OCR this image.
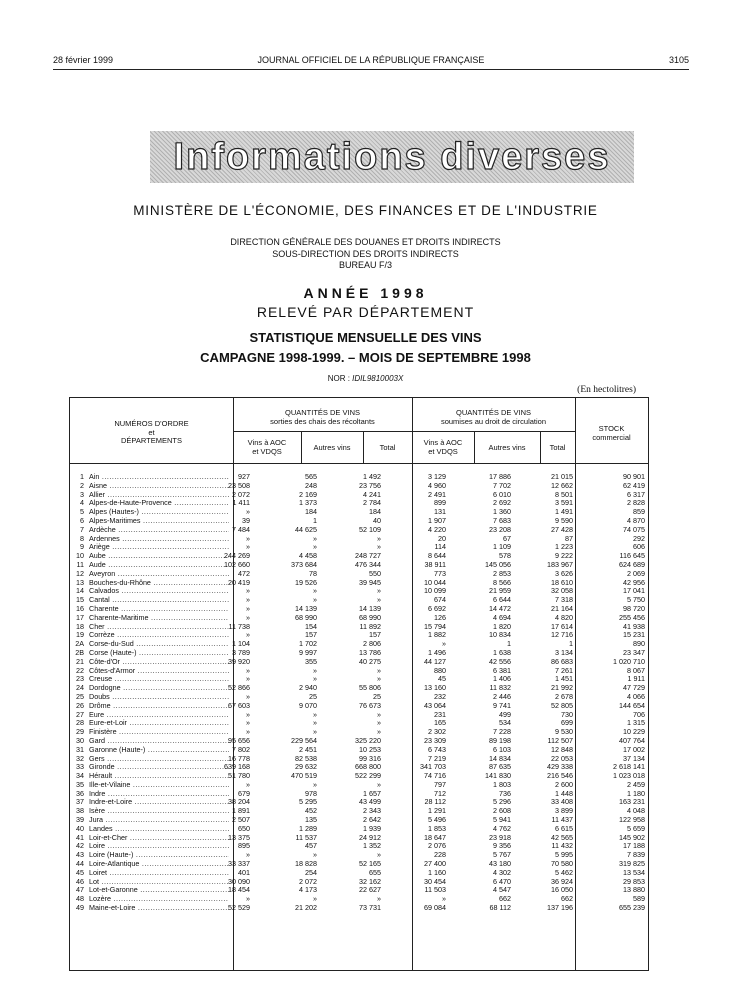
28 février 1999	JOURNAL OFFICIEL DE LA RÉPUBLIQUE FRANÇAISE	3105
Informations diverses
MINISTÈRE DE L'ÉCONOMIE, DES FINANCES ET DE L'INDUSTRIE
DIRECTION GÉNÉRALE DES DOUANES ET DROITS INDIRECTS
SOUS-DIRECTION DES DROITS INDIRECTS
BUREAU F/3
ANNÉE 1998
RELEVÉ PAR DÉPARTEMENT
STATISTIQUE MENSUELLE DES VINS
CAMPAGNE 1998-1999. – MOIS DE SEPTEMBRE 1998
NOR : IDIL9810003X
(En hectolitres)
NUMÉROS D'ORDRE
et
DÉPARTEMENTS
QUANTITÉS DE VINS
sorties des chais des récoltants
QUANTITÉS DE VINS
soumises au droit de circulation
Vins à AOC
et VDQS	Autres vins	Total
Vins à AOC
et VDQS	Autres vins	Total
STOCK
commercial
1 Ain .....	927	565	1 492	3 129	17 886	21 015	90 901
2 Aisne .....	23 508	248	23 756	4 960	7 702	12 662	62 419
3 Allier .....	2 072	2 169	4 241	2 491	6 010	8 501	6 317
4 Alpes-de-Haute-Provence .....	1 411	1 373	2 784	899	2 692	3 591	2 828
5 Alpes (Hautes-) .....	»	184	184	131	1 360	1 491	859
6 Alpes-Maritimes .....	39	1	40	1 907	7 683	9 590	4 870
7 Ardèche .....	7 484	44 625	52 109	4 220	23 208	27 428	74 075
8 Ardennes .....	»	»	»	20	67	87	292
9 Ariège .....	»	»	»	114	1 109	1 223	606
10 Aube .....	244 269	4 458	248 727	8 644	578	9 222	116 645
11 Aude .....	102 660	373 684	476 344	38 911	145 056	183 967	624 689
12 Aveyron .....	472	78	550	773	2 853	3 626	2 069
13 Bouches-du-Rhône .....	20 419	19 526	39 945	10 044	8 566	18 610	42 956
14 Calvados .....	»	»	»	10 099	21 959	32 058	17 041
15 Cantal .....	»	»	»	674	6 644	7 318	5 750
16 Charente .....	»	14 139	14 139	6 692	14 472	21 164	98 720
17 Charente-Maritime .....	»	68 990	68 990	126	4 694	4 820	255 456
18 Cher .....	11 738	154	11 892	15 794	1 820	17 614	41 938
19 Corrèze .....	»	157	157	1 882	10 834	12 716	15 231
2A Corse-du-Sud .....	1 104	1 702	2 806	»	1	1	890
2B Corse (Haute-) .....	3 789	9 997	13 786	1 496	1 638	3 134	23 347
21 Côte-d'Or .....	39 920	355	40 275	44 127	42 556	86 683	1 020 710
22 Côtes-d'Armor .....	»	»	»	880	6 381	7 261	8 067
23 Creuse .....	»	»	»	45	1 406	1 451	1 911
24 Dordogne .....	52 866	2 940	55 806	13 160	11 832	21 992	47 729
25 Doubs .....	»	25	25	232	2 446	2 678	4 066
26 Drôme .....	67 603	9 070	76 673	43 064	9 741	52 805	144 654
27 Eure .....	»	»	»	231	499	730	706
28 Eure-et-Loir .....	»	»	»	165	534	699	1 315
29 Finistère .....	»	»	»	2 302	7 228	9 530	10 229
30 Gard .....	95 656	229 564	325 220	23 309	89 198	112 507	407 764
31 Garonne (Haute-) .....	7 802	2 451	10 253	6 743	6 103	12 848	17 002
32 Gers .....	16 778	82 538	99 316	7 219	14 834	22 053	37 134
33 Gironde .....	639 168	29 632	668 800	341 703	87 635	429 338	2 618 141
34 Hérault .....	51 780	470 519	522 299	74 716	141 830	216 546	1 023 018
35 Ille-et-Vilaine .....	»	»	»	797	1 803	2 600	2 459
36 Indre .....	679	978	1 657	712	736	1 448	1 180
37 Indre-et-Loire .....	38 204	5 295	43 499	28 112	5 296	33 408	163 231
38 Isère .....	1 891	452	2 343	1 291	2 608	3 899	4 048
39 Jura .....	2 507	135	2 642	5 496	5 941	11 437	122 958
40 Landes .....	650	1 289	1 939	1 853	4 762	6 615	5 659
41 Loir-et-Cher .....	13 375	11 537	24 912	18 647	23 918	42 565	145 902
42 Loire .....	895	457	1 352	2 076	9 356	11 432	17 188
43 Loire (Haute-) .....	»	»	»	228	5 767	5 995	7 839
44 Loire-Atlantique .....	33 337	18 828	52 165	27 400	43 180	70 580	319 825
45 Loiret .....	401	254	655	1 160	4 302	5 462	13 534
46 Lot .....	30 090	2 072	32 162	30 454	6 470	36 924	29 853
47 Lot-et-Garonne .....	18 454	4 173	22 627	11 503	4 547	16 050	13 880
48 Lozère .....	»	»	»	»	662	662	589
49 Maine-et-Loire .....	52 529	21 202	73 731	69 084	68 112	137 196	655 239
